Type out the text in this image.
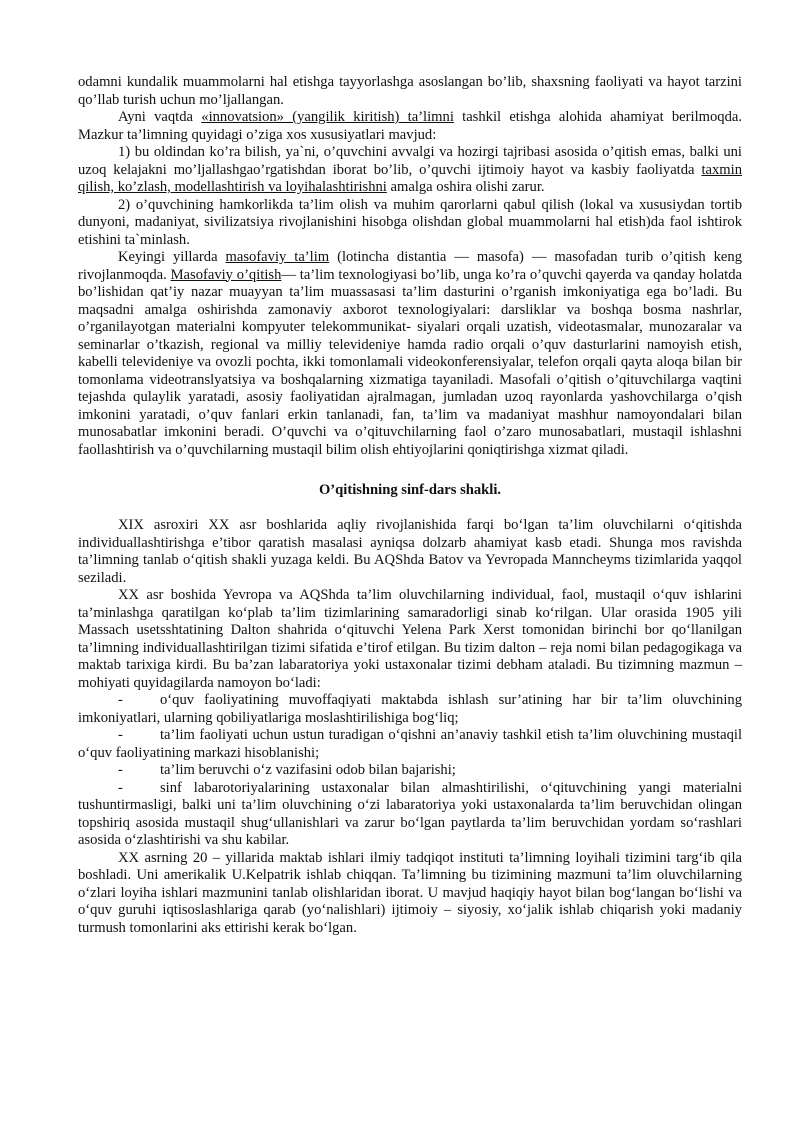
odamni kundalik muammolarni hal etishga tayyorlashga asoslangan bo’lib, shaxsning faoliyati va hayot tarzini qo’llab turish uchun mo’ljallangan.

Ayni vaqtda «innovatsion» (yangilik kiritish) ta’limni tashkil etishga alohida ahamiyat berilmoqda. Mazkur ta’limning quyidagi o’ziga xos xususiyatlari mavjud:

1) bu oldindan ko’ra bilish, ya`ni, o’quvchini avvalgi va hozirgi tajribasi asosida o’qitish emas, balki uni uzoq kelajakni mo’ljallashgao’rgatishdan iborat bo’lib, o’quvchi ijtimoiy hayot va kasbiy faoliyatda taxmin qilish, ko’zlash, modellashtirish va loyihalashtirishni amalga oshira olishi zarur.

2) o’quvchining hamkorlikda ta’lim olish va muhim qarorlarni qabul qilish (lokal va xususiydan tortib dunyoni, madaniyat, sivilizatsiya rivojlanishini hisobga olishdan global muammolarni hal etish)da faol ishtirok etishini ta`minlash.

Keyingi yillarda masofaviy ta’lim (lotincha distantia — masofa) — masofadan turib o’qitish keng rivojlanmoqda. Masofaviy o’qitish— ta’lim texnologiyasi bo’lib, unga ko’ra o’quvchi qayerda va qanday holatda bo’lishidan qat’iy nazar muayyan ta’lim muassasasi ta’lim dasturini o’rganish imkoniyatiga ega bo’ladi. Bu maqsadni amalga oshirishda zamonaviy axborot texnologiyalari: darsliklar va boshqa bosma nashrlar, o’rganilayotgan materialni kompyuter telekommunikat- siyalari orqali uzatish, videotasmalar, munozaralar va seminarlar o’tkazish, regional va milliy televideniye hamda radio orqali o’quv dasturlarini namoyish etish, kabelli televideniye va ovozli pochta, ikki tomonlamali videokonferensiyalar, telefon orqali qayta aloqa bilan bir tomonlama videotranslyatsiya va boshqalarning xizmatiga tayaniladi. Masofali o’qitish o’qituvchilarga vaqtini tejashda qulaylik yaratadi, asosiy faoliyatidan ajralmagan, jumladan uzoq rayonlarda yashovchilarga o’qish imkonini yaratadi, o’quv fanlari erkin tanlanadi, fan, ta’lim va madaniyat mashhur namoyondalari bilan munosabatlar imkonini beradi. O’quvchi va o’qituvchilarning faol o’zaro munosabatlari, mustaqil ishlashni faollashtirish va o’quvchilarning mustaqil bilim olish ehtiyojlarini qoniqtirishga xizmat qiladi.

O’qitishning sinf-dars shakli.

XIX asroxiri XX asr boshlarida aqliy rivojlanishida farqi bo‘lgan ta’lim oluvchilarni o‘qitishda individuallashtirishga e’tibor qaratish masalasi ayniqsa dolzarb ahamiyat kasb etadi. Shunga mos ravishda ta’limning tanlab o‘qitish shakli yuzaga keldi. Bu AQShda Batov va Yevropada Manncheyms tizimlarida yaqqol seziladi.

XX asr boshida Yevropa va AQShda ta’lim oluvchilarning individual, faol, mustaqil o‘quv ishlarini ta’minlashga qaratilgan ko‘plab ta’lim tizimlarining samaradorligi sinab ko‘rilgan. Ular orasida 1905 yili Massach usetsshtatining Dalton shahrida o‘qituvchi Yelena Park Xerst tomonidan birinchi bor qo‘llanilgan ta’limning individuallashtirilgan tizimi sifatida e’tirof etilgan. Bu tizim dalton – reja nomi bilan pedagogikaga va maktab tarixiga kirdi. Bu ba’zan labaratoriya yoki ustaxonalar tizimi debham ataladi. Bu tizimning mazmun – mohiyati quyidagilarda namoyon bo‘ladi:

-	o‘quv faoliyatining muvoffaqiyati maktabda ishlash sur’atining har bir ta’lim oluvchining imkoniyatlari, ularning qobiliyatlariga moslashtirilishiga bog‘liq;

-	ta’lim faoliyati uchun ustun turadigan o‘qishni an’anaviy tashkil etish ta’lim oluvchining mustaqil o‘quv faoliyatining markazi hisoblanishi;

-	ta’lim beruvchi o‘z vazifasini odob bilan bajarishi;

-	sinf labarotoriyalarining ustaxonalar bilan almashtirilishi, o‘qituvchining yangi materialni tushuntirmasligi, balki uni ta’lim oluvchining o‘zi labaratoriya yoki ustaxonalarda ta’lim beruvchidan olingan topshiriq asosida mustaqil shug‘ullanishlari va zarur bo‘lgan paytlarda ta’lim beruvchidan yordam so‘rashlari asosida o‘zlashtirishi va shu kabilar.

XX asrning 20 – yillarida maktab ishlari ilmiy tadqiqot instituti ta’limning loyihali tizimini targ‘ib qila boshladi. Uni amerikalik U.Kelpatrik ishlab chiqqan. Ta’limning bu tizimining mazmuni ta’lim oluvchilarning o‘zlari loyiha ishlari mazmunini tanlab olishlaridan iborat. U mavjud haqiqiy hayot bilan bog‘langan bo‘lishi va o‘quv guruhi iqtisoslashlariga qarab (yo‘nalishlari) ijtimoiy – siyosiy, xo‘jalik ishlab chiqarish yoki madaniy turmush tomonlarini aks ettirishi kerak bo‘lgan.
